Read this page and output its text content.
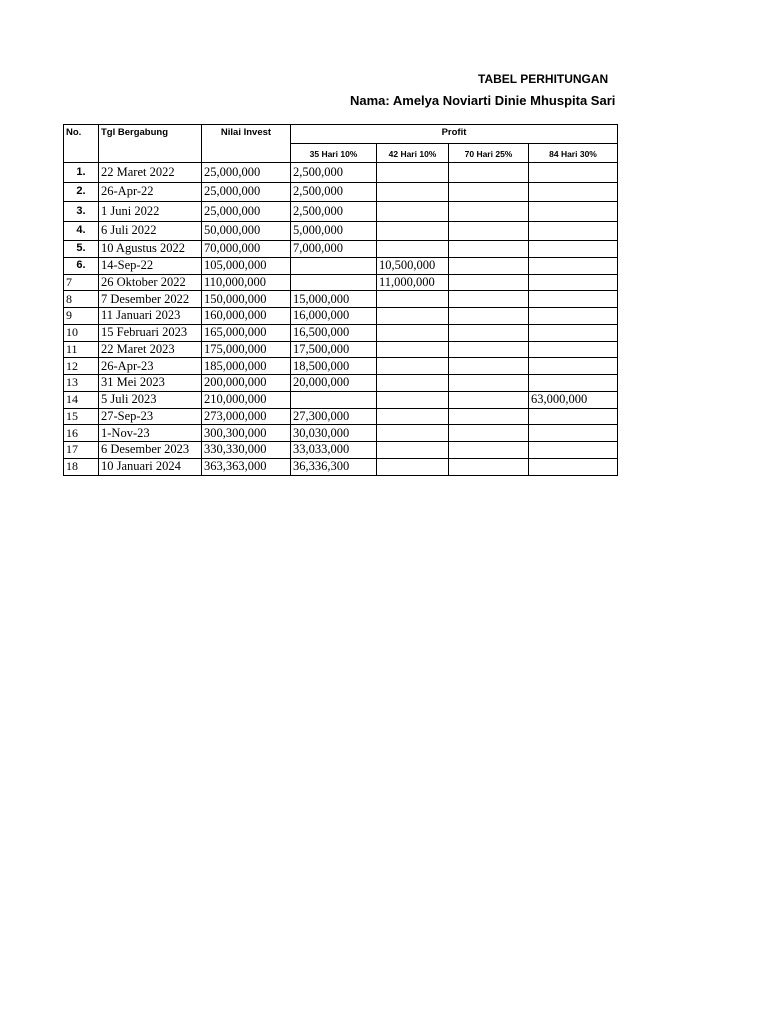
TABEL PERHITUNGAN
Nama: Amelya Noviarti Dinie Mhuspita Sari
No.	Tgl Bergabung	Nilai Invest	Profit			
			35 Hari 10%	42 Hari 10%	70 Hari 25%	84 Hari 30%
1.	22 Maret 2022	25,000,000	2,500,000			
2.	26-Apr-22	25,000,000	2,500,000			
3.	1 Juni 2022	25,000,000	2,500,000			
4.	6 Juli 2022	50,000,000	5,000,000			
5.	10 Agustus 2022	70,000,000	7,000,000			
6.	14-Sep-22	105,000,000		10,500,000		
7	26 Oktober 2022	110,000,000		11,000,000		
8	7 Desember 2022	150,000,000	15,000,000			
9	11 Januari 2023	160,000,000	16,000,000			
10	15 Februari 2023	165,000,000	16,500,000			
11	22 Maret 2023	175,000,000	17,500,000			
12	26-Apr-23	185,000,000	18,500,000			
13	31 Mei 2023	200,000,000	20,000,000			
14	5 Juli 2023	210,000,000				63,000,000
15	27-Sep-23	273,000,000	27,300,000			
16	1-Nov-23	300,300,000	30,030,000			
17	6 Desember 2023	330,330,000	33,033,000			
18	10 Januari 2024	363,363,000	36,336,300			
